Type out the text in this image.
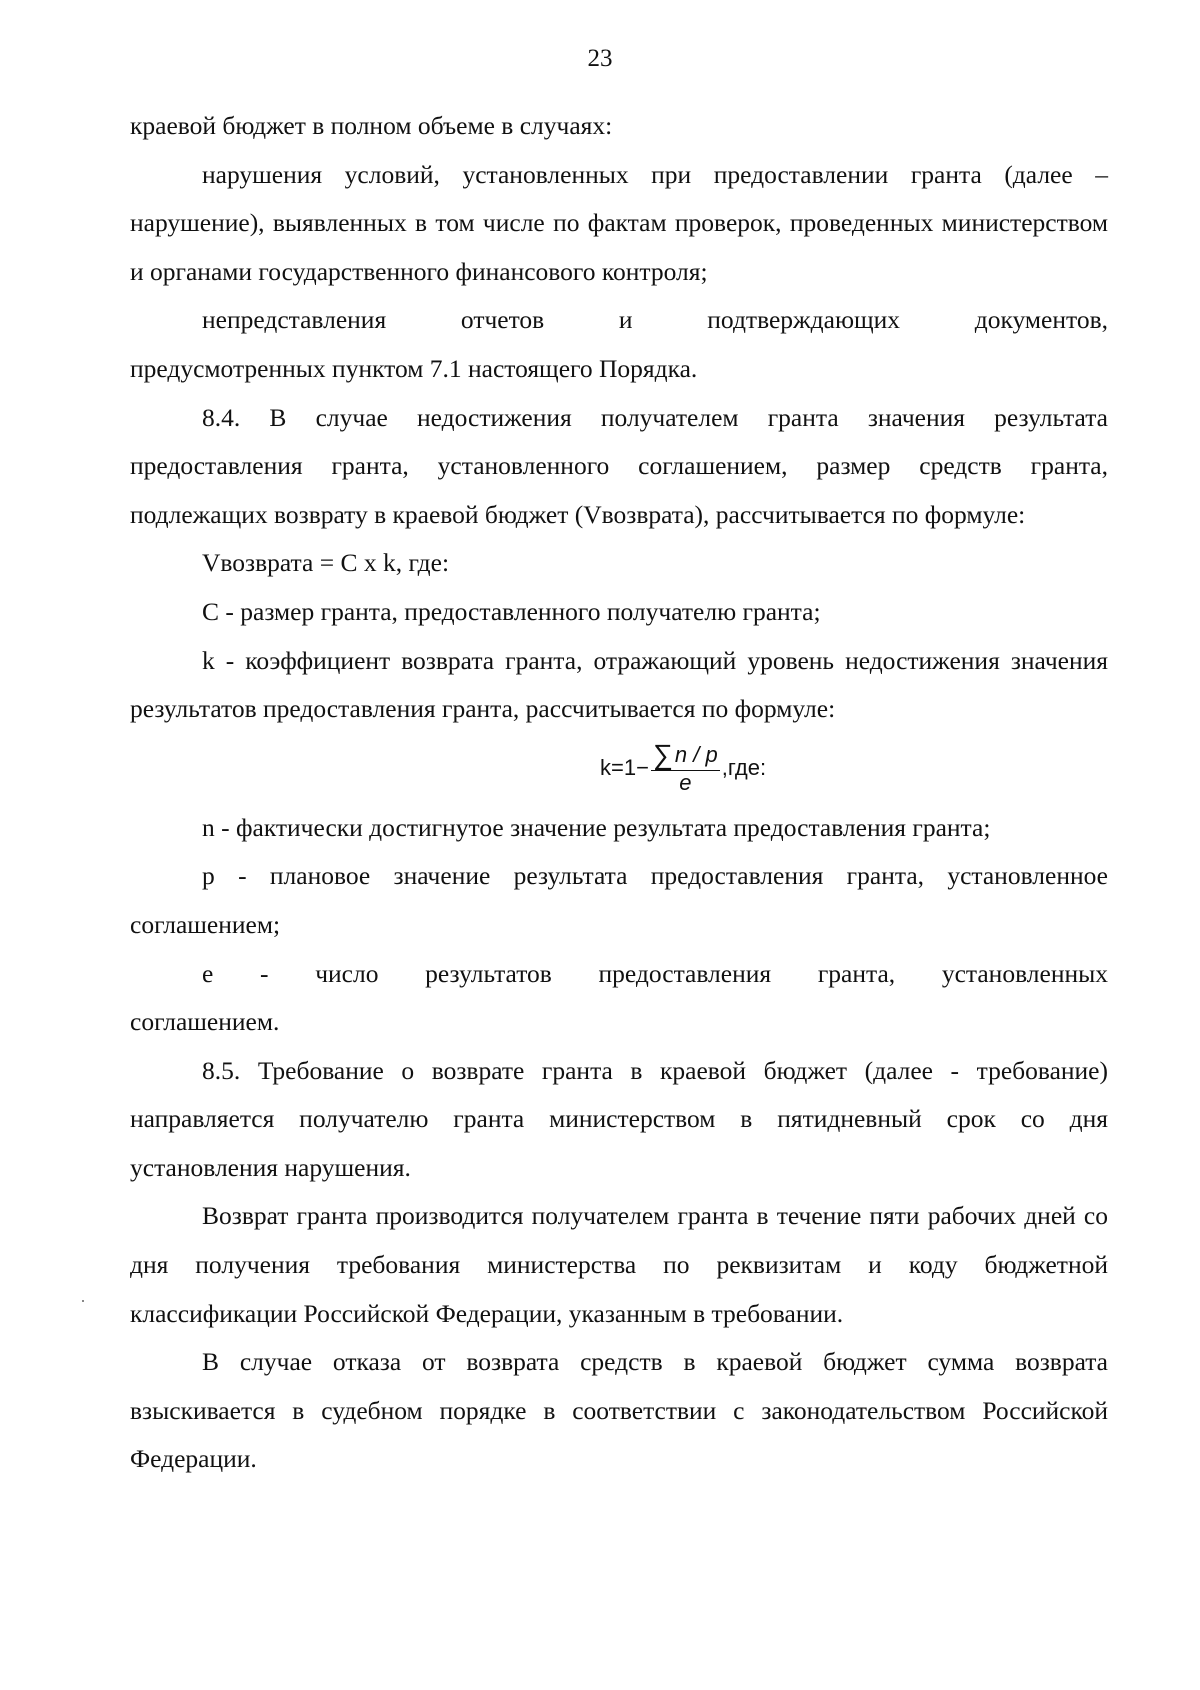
23

краевой бюджет в полном объеме в случаях:

нарушения условий, установленных при предоставлении гранта (далее – нарушение), выявленных в том числе по фактам проверок, проведенных министерством и органами государственного финансового контроля;

непредставления отчетов и подтверждающих документов,

предусмотренных пунктом 7.1 настоящего Порядка.

8.4. В случае недостижения получателем гранта значения результата предоставления гранта, установленного соглашением, размер средств гранта, подлежащих возврату в краевой бюджет (Vвозврата), рассчитывается по формуле:

Vвозврата = C x k, где:

C - размер гранта, предоставленного получателю гранта;

k - коэффициент возврата гранта, отражающий уровень недостижения значения результатов предоставления гранта, рассчитывается по формуле:

$k=1- \frac{\sum n / p}{e} ,где$:

n - фактически достигнутое значение результата предоставления гранта;

p - плановое значение результата предоставления гранта, установленное соглашением;

e - число результатов предоставления гранта, установленных

соглашением.

8.5. Требование о возврате гранта в краевой бюджет (далее - требование) направляется получателю гранта министерством в пятидневный срок со дня установления нарушения.

Возврат гранта производится получателем гранта в течение пяти рабочих дней со дня получения требования министерства по реквизитам и коду бюджетной классификации Российской Федерации, указанным в требовании.

В случае отказа от возврата средств в краевой бюджет сумма возврата взыскивается в судебном порядке в соответствии с законодательством Российской Федерации.
